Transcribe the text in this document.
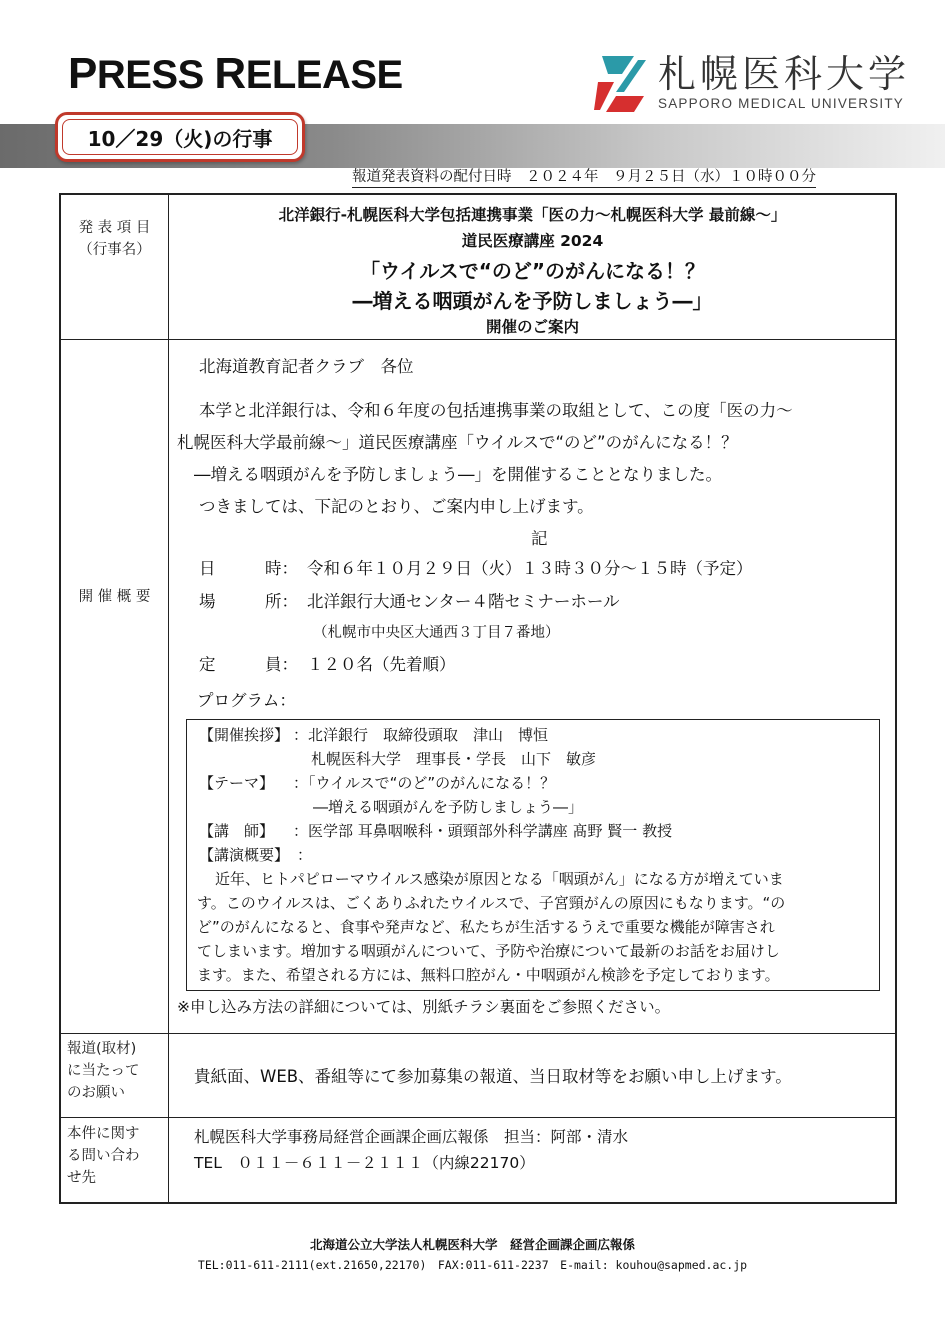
PRESS RELEASE	札幌医科大学
SAPPORO MEDICAL UNIVERSITY
10／29（火)の行事
報道発表資料の配付日時　２０２４年　９月２５日（水）１０時００分
発 表 項 目
（行事名）
北洋銀行-札幌医科大学包括連携事業「医の力～札幌医科大学 最前線～」
道民医療講座 2024
「ウイルスで“のど”のがんになる！？
―増える咽頭がんを予防しましょう―」
開催のご案内
開 催 概 要
北海道教育記者クラブ　各位
本学と北洋銀行は、令和６年度の包括連携事業の取組として、この度「医の力～
札幌医科大学最前線～」道民医療講座「ウイルスで“のど”のがんになる！？
―増える咽頭がんを予防しましょう―」を開催することとなりました。
つきましては、下記のとおり、ご案内申し上げます。
記
日　　　時： 令和６年１０月２９日（火）１３時３０分～１５時（予定）
場　　　所： 北洋銀行大通センター４階セミナーホール
（札幌市中央区大通西３丁目７番地）
定　　　員： １２０名（先着順）
プログラム：
【開催挨拶】 ：北洋銀行　取締役頭取　津山　博恒
札幌医科大学　理事長・学長　山下　敏彦
【テーマ】 ：「ウイルスで“のど”のがんになる！？
―増える咽頭がんを予防しましょう―」
【講　師】 ：医学部 耳鼻咽喉科・頭頸部外科学講座 髙野 賢一 教授
【講演概要】 ：
近年、ヒトパピローマウイルス感染が原因となる「咽頭がん」になる方が増えていま
す。このウイルスは、ごくありふれたウイルスで、子宮頸がんの原因にもなります。“の
ど”のがんになると、食事や発声など、私たちが生活するうえで重要な機能が障害され
てしまいます。増加する咽頭がんについて、予防や治療について最新のお話をお届けし
ます。また、希望される方には、無料口腔がん・中咽頭がん検診を予定しております。
※申し込み方法の詳細については、別紙チラシ裏面をご参照ください。
報道(取材)
に当たって
のお願い
貴紙面、WEB、番組等にて参加募集の報道、当日取材等をお願い申し上げます。
本件に関す
る問い合わ
せ先
札幌医科大学事務局経営企画課企画広報係　担当：阿部・清水
TEL　０１１－６１１－２１１１（内線22170）
北海道公立大学法人札幌医科大学　経営企画課企画広報係
TEL:011-611-2111(ext.21650,22170)　FAX:011-611-2237　E-mail: kouhou@sapmed.ac.jp
